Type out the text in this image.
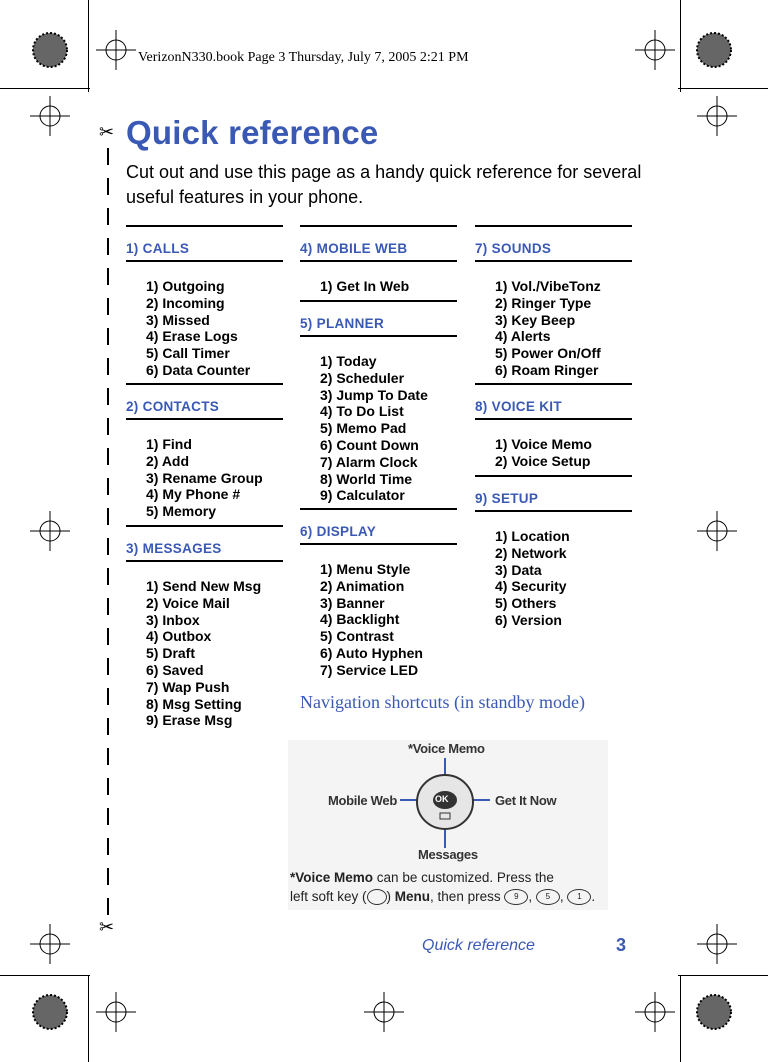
VerizonN330.book Page 3 Thursday, July 7, 2005 2:21 PM
✂
✂
Quick reference

Cut out and use this page as a handy quick reference for several useful features in your phone.

1) CALLS
1) Outgoing
2) Incoming
3) Missed
4) Erase Logs
5) Call Timer
6) Data Counter
2) CONTACTS
1) Find
2) Add
3) Rename Group
4) My Phone #
5) Memory
3) MESSAGES
1) Send New Msg
2) Voice Mail
3) Inbox
4) Outbox
5) Draft
6) Saved
7) Wap Push
8) Msg Setting
9) Erase Msg
4) MOBILE WEB
1) Get In Web
5) PLANNER
1) Today
2) Scheduler
3) Jump To Date
4) To Do List
5) Memo Pad
6) Count Down
7) Alarm Clock
8) World Time
9) Calculator
6) DISPLAY
1) Menu Style
2) Animation
3) Banner
4) Backlight
5) Contrast
6) Auto Hyphen
7) Service LED
7) SOUNDS
1) Vol./VibeTonz
2) Ringer Type
3) Key Beep
4) Alerts
5) Power On/Off
6) Roam Ringer
8) VOICE KIT
1) Voice Memo
2) Voice Setup
9) SETUP
1) Location
2) Network
3) Data
4) Security
5) Others
6) Version
Navigation shortcuts (in standby mode)
*Voice Memo
Mobile Web	Get It Now
Messages
OK
*Voice Memo can be customized. Press the
left soft key ( ) Menu, then press 9 , 5 , 1 .
Quick reference	3
